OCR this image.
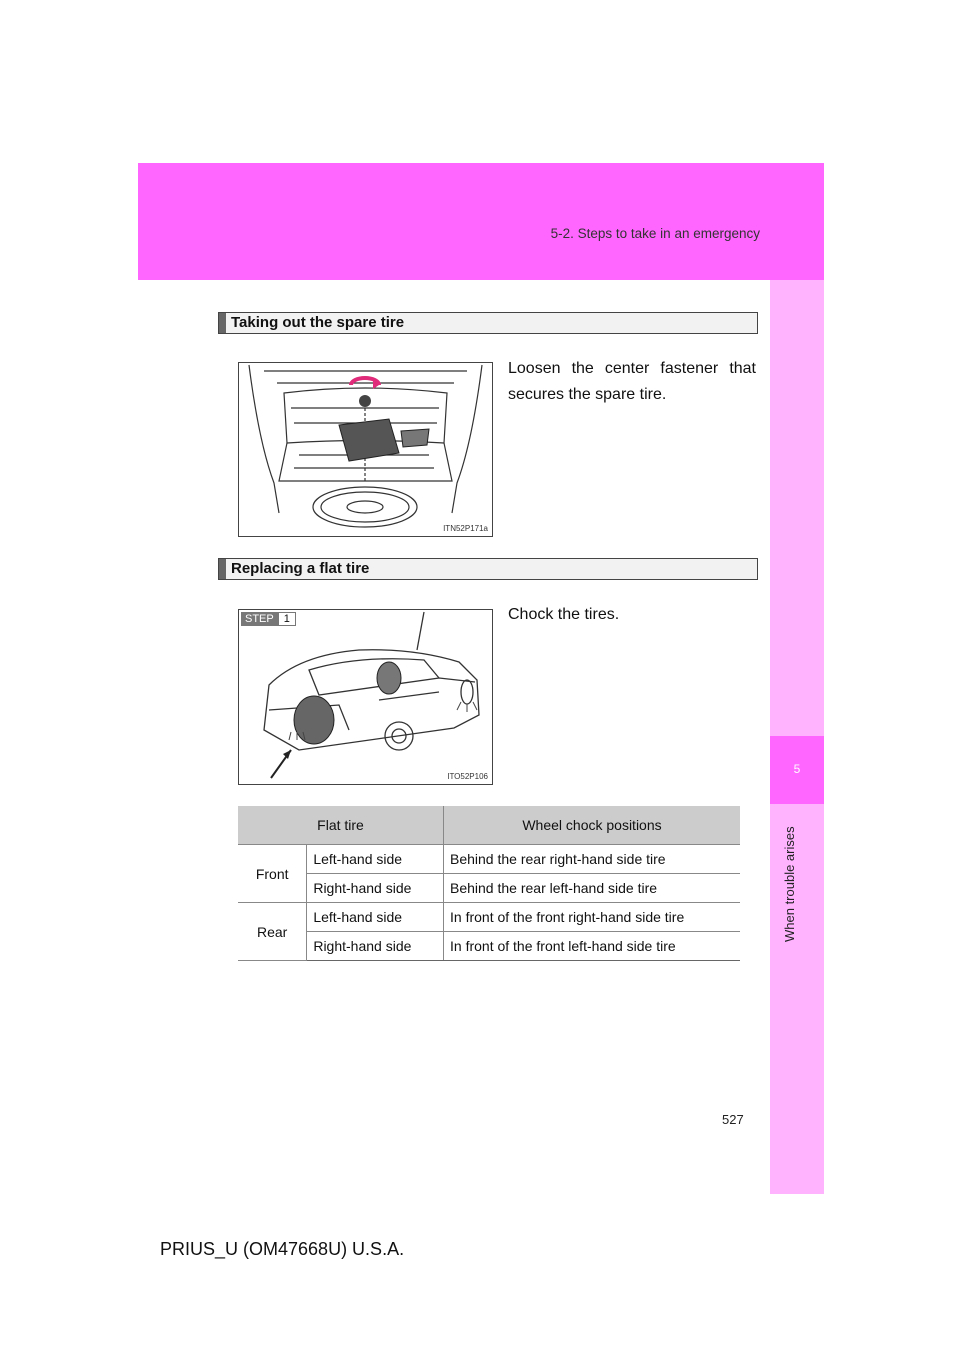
5-2. Steps to take in an emergency
5
When trouble arises
Taking out the spare tire
ITN52P171a
Loosen the center fastener that secures the spare tire.
Replacing a flat tire
STEP 1
ITO52P106
Chock the tires.
Flat tire		Wheel chock positions
Front	Left-hand side	Behind the rear right-hand side tire
	Right-hand side	Behind the rear left-hand side tire
Rear	Left-hand side	In front of the front right-hand side tire
	Right-hand side	In front of the front left-hand side tire
527
PRIUS_U (OM47668U) U.S.A.
